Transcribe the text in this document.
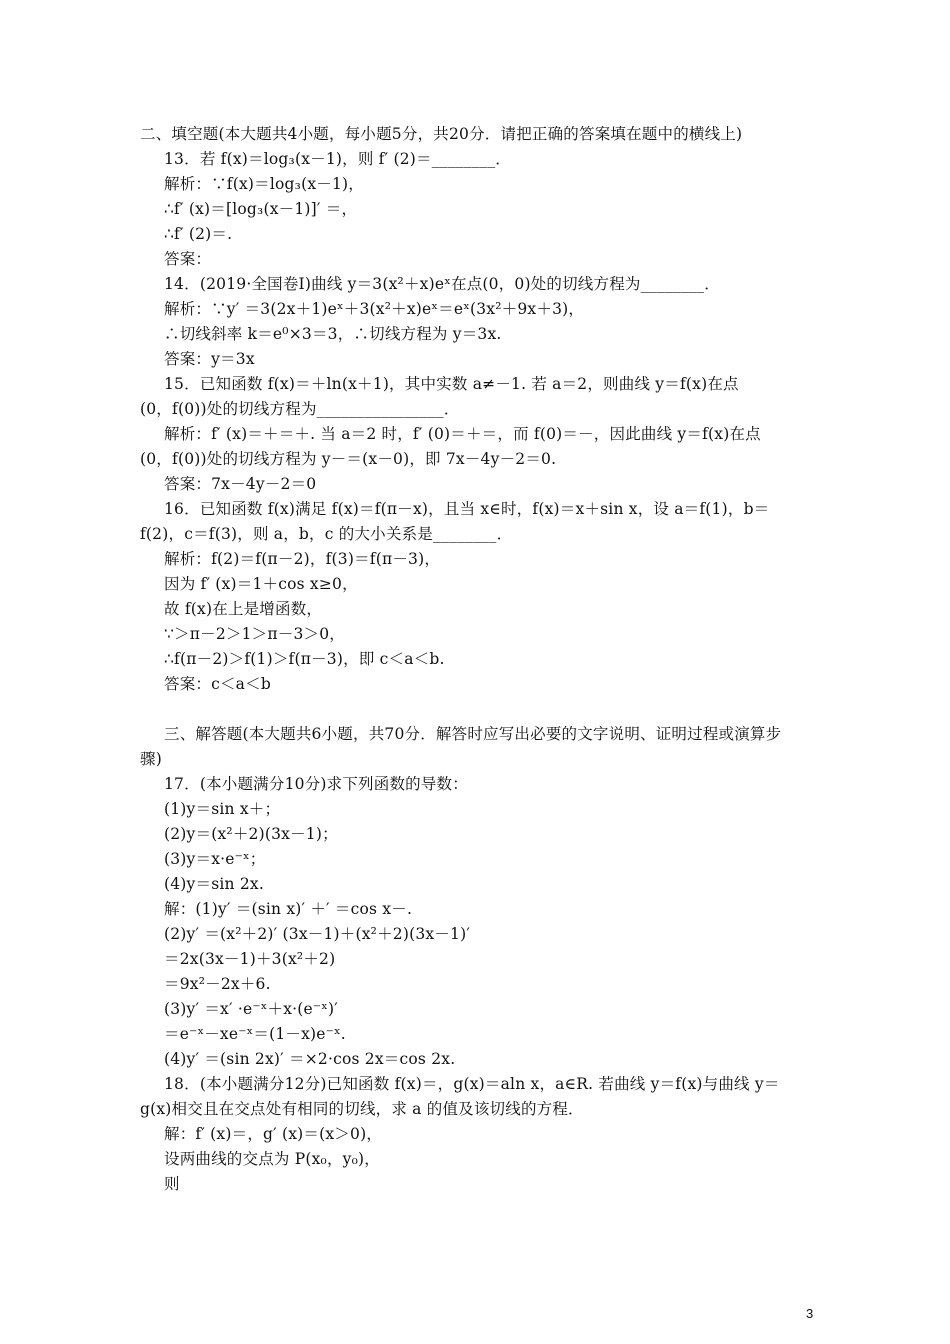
二、填空题(本大题共4小题，每小题5分，共20分．请把正确的答案填在题中的横线上)
13．若 f(x)＝log₃(x－1)，则 f′ (2)＝________．
解析：∵f(x)＝log₃(x－1)，
∴f′ (x)＝[log₃(x－1)]′ ＝，
∴f′ (2)＝.
答案：
14．(2019·全国卷Ⅰ)曲线 y＝3(x²＋x)eˣ在点(0，0)处的切线方程为________．
解析：∵y′ ＝3(2x＋1)eˣ＋3(x²＋x)eˣ＝eˣ(3x²＋9x＋3)，
∴切线斜率 k＝e⁰×3＝3，∴切线方程为 y＝3x.
答案：y＝3x
15．已知函数 f(x)＝＋ln(x＋1)，其中实数 a≠－1. 若 a＝2，则曲线 y＝f(x)在点
(0，f(0))处的切线方程为________________．
解析：f′ (x)＝＋＝＋. 当 a＝2 时，f′ (0)＝＋＝，而 f(0)＝－，因此曲线 y＝f(x)在点
(0，f(0))处的切线方程为 y－＝(x－0)，即 7x－4y－2＝0.
答案：7x－4y－2＝0
16．已知函数 f(x)满足 f(x)＝f(π－x)，且当 x∈时，f(x)＝x＋sin x，设 a＝f(1)，b＝
f(2)，c＝f(3)，则 a，b，c 的大小关系是________．
解析：f(2)＝f(π－2)，f(3)＝f(π－3)，
因为 f′ (x)＝1＋cos x≥0，
故 f(x)在上是增函数，
∵＞π－2＞1＞π－3＞0，
∴f(π－2)＞f(1)＞f(π－3)，即 c＜a＜b.
答案：c＜a＜b
三、解答题(本大题共6小题，共70分．解答时应写出必要的文字说明、证明过程或演算步
骤)
17．(本小题满分10分)求下列函数的导数：
(1)y＝sin x＋；
(2)y＝(x²＋2)(3x－1)；
(3)y＝x·e⁻ˣ；
(4)y＝sin 2x.
解：(1)y′ ＝(sin x)′ ＋′ ＝cos x－.
(2)y′ ＝(x²＋2)′ (3x－1)＋(x²＋2)(3x－1)′
＝2x(3x－1)＋3(x²＋2)
＝9x²－2x＋6.
(3)y′ ＝x′ ·e⁻ˣ＋x·(e⁻ˣ)′
＝e⁻ˣ－xe⁻ˣ＝(1－x)e⁻ˣ.
(4)y′ ＝(sin 2x)′ ＝×2·cos 2x＝cos 2x.
18．(本小题满分12分)已知函数 f(x)＝，g(x)＝aln x，a∈R. 若曲线 y＝f(x)与曲线 y＝
g(x)相交且在交点处有相同的切线，求 a 的值及该切线的方程．
解：f′ (x)＝，g′ (x)＝(x＞0)，
设两曲线的交点为 P(x₀，y₀)，
则
3
